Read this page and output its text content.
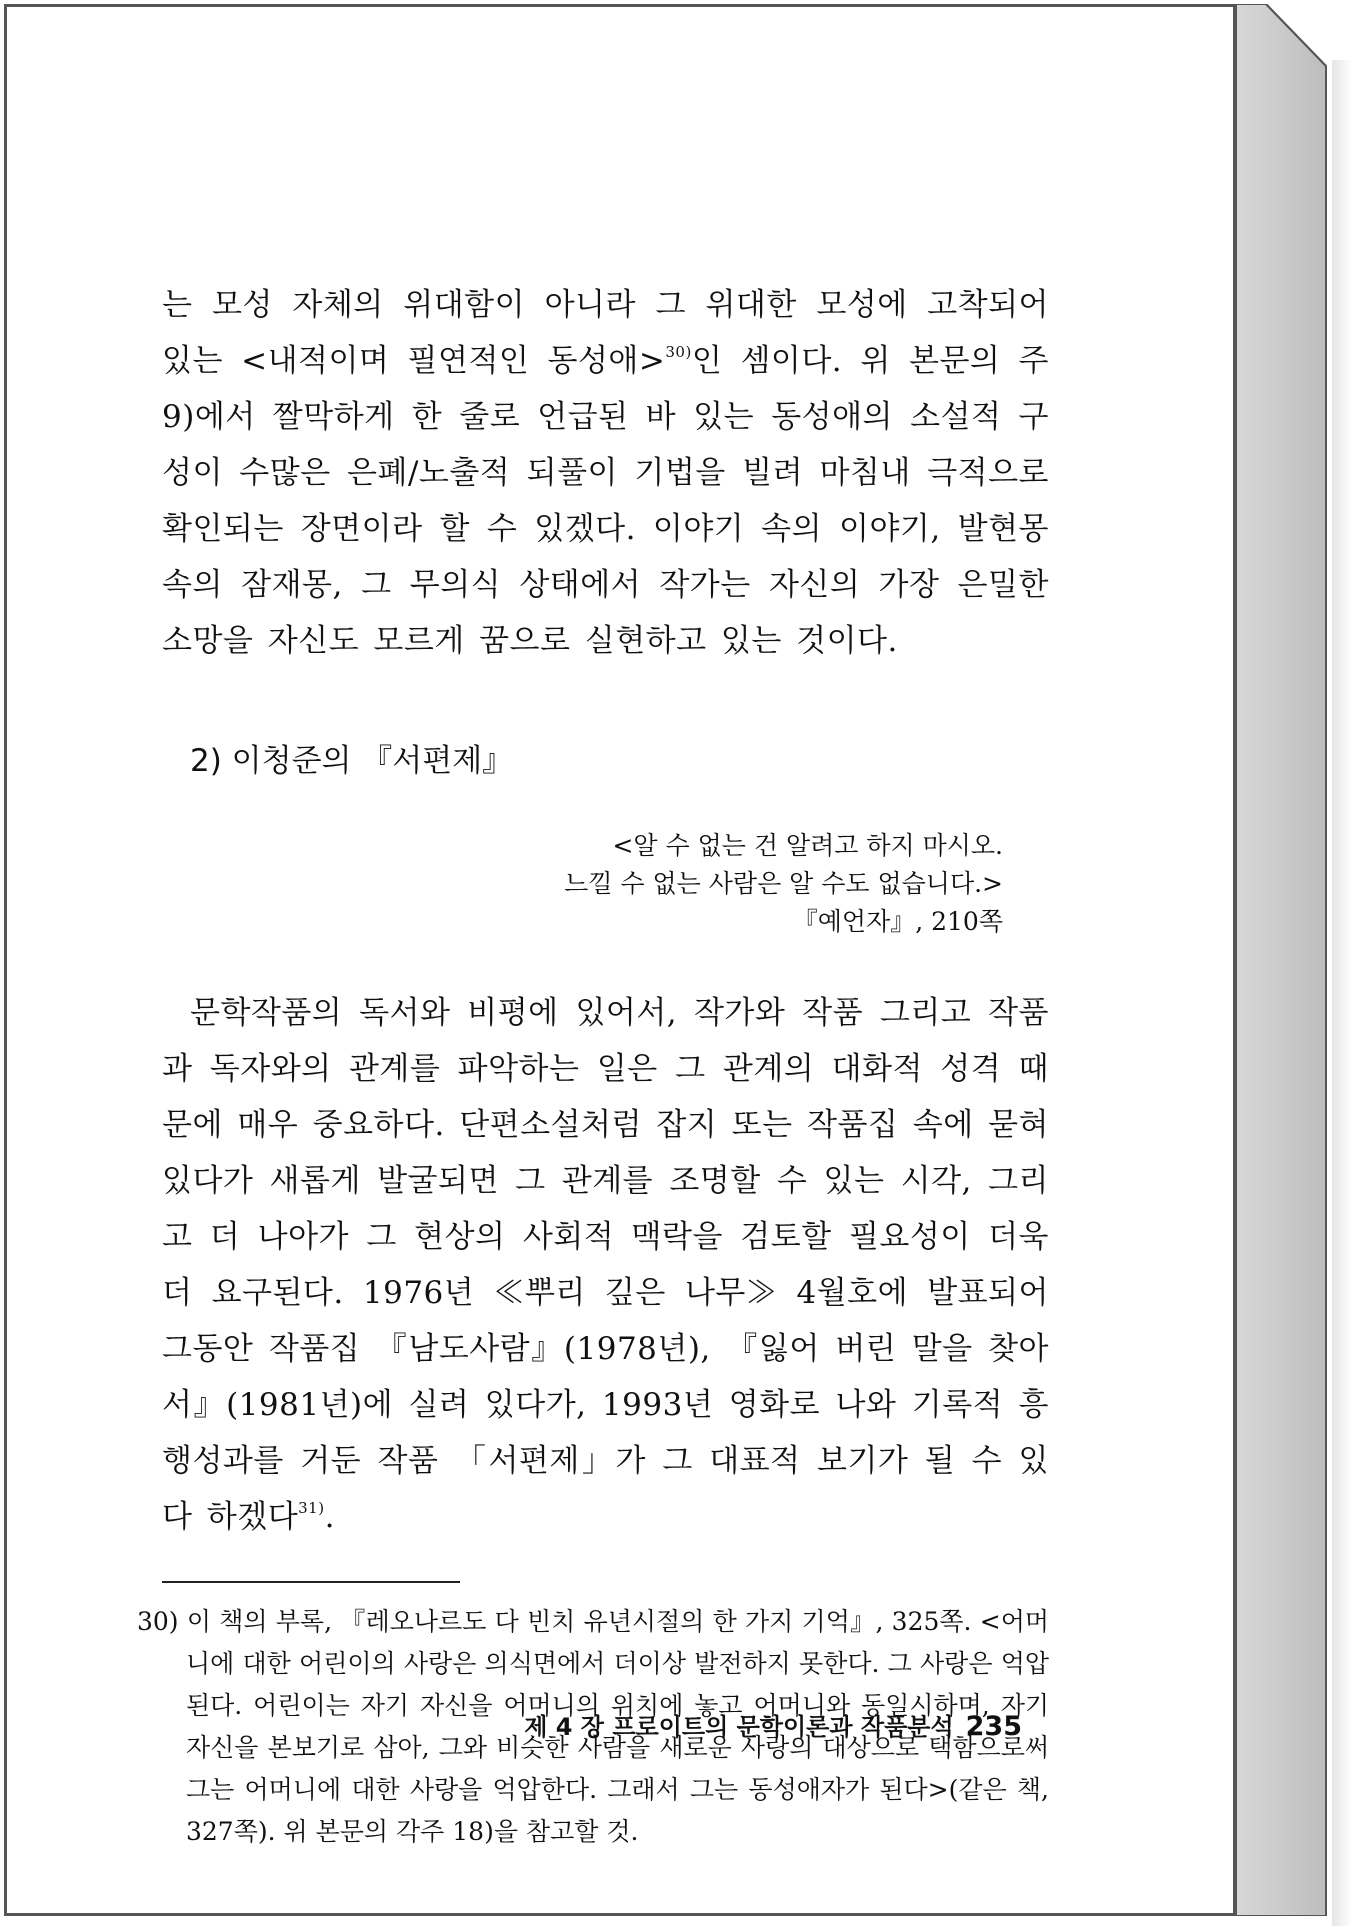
는 모성 자체의 위대함이 아니라 그 위대한 모성에 고착되어 있는 <내적이며 필연적인 동성애>$^{30)}$인 셈이다. 위 본문의 주 9)에서 짤막하게 한 줄로 언급된 바 있는 동성애의 소설적 구성이 수많은 은폐/노출적 되풀이 기법을 빌려 마침내 극적으로 확인되는 장면이라 할 수 있겠다. 이야기 속의 이야기, 발현몽 속의 잠재몽, 그 무의식 상태에서 작가는 자신의 가장 은밀한 소망을 자신도 모르게 꿈으로 실현하고 있는 것이다.

2) 이청준의 『서편제』
<알 수 없는 건 알려고 하지 마시오.
느낄 수 없는 사람은 알 수도 없습니다.>
『예언자』, 210쪽

문학작품의 독서와 비평에 있어서, 작가와 작품 그리고 작품과 독자와의 관계를 파악하는 일은 그 관계의 대화적 성격 때문에 매우 중요하다. 단편소설처럼 잡지 또는 작품집 속에 묻혀 있다가 새롭게 발굴되면 그 관계를 조명할 수 있는 시각, 그리고 더 나아가 그 현상의 사회적 맥락을 검토할 필요성이 더욱더 요구된다. 1976년 ≪뿌리 깊은 나무≫ 4월호에 발표되어 그동안 작품집 『남도사람』(1978년), 『잃어 버린 말을 찾아서』(1981년)에 실려 있다가, 1993년 영화로 나와 기록적 흥행성과를 거둔 작품 「서편제」가 그 대표적 보기가 될 수 있다 하겠다$^{31)}$.

30) 이 책의 부록, 『레오나르도 다 빈치 유년시절의 한 가지 기억』, 325쪽. <어머니에 대한 어린이의 사랑은 의식면에서 더이상 발전하지 못한다. 그 사랑은 억압된다. 어린이는 자기 자신을 어머니의 위치에 놓고 어머니와 동일시하며, 자기 자신을 본보기로 삼아, 그와 비슷한 사람을 새로운 사랑의 대상으로 택함으로써 그는 어머니에 대한 사랑을 억압한다. 그래서 그는 동성애자가 된다>(같은 책, 327쪽). 위 본문의 각주 18)을 참고할 것.

제 4 장 프로이트의 문학이론과 작품분석 235
